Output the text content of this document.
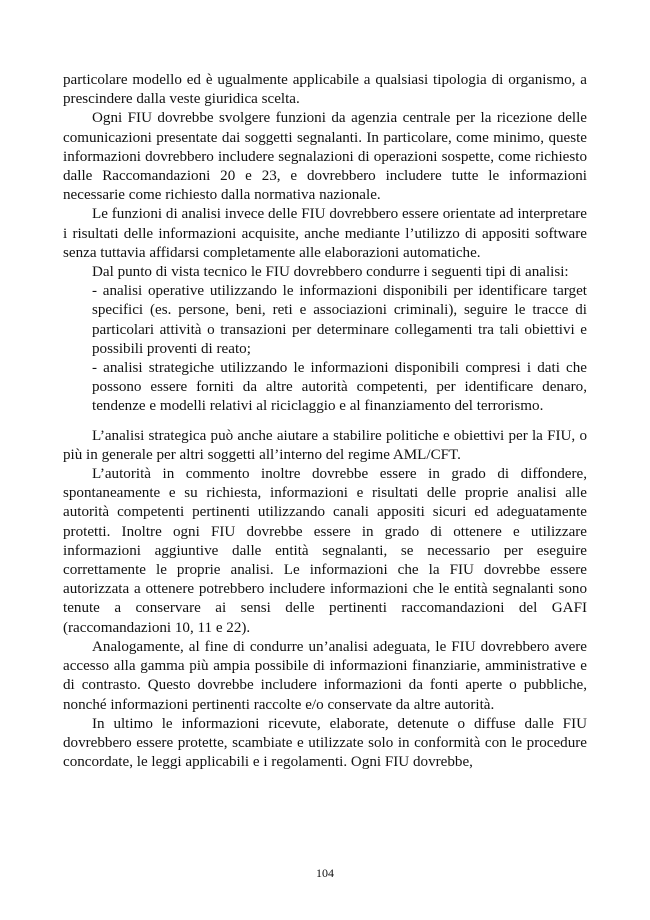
particolare modello ed è ugualmente applicabile a qualsiasi tipologia di organismo, a prescindere dalla veste giuridica scelta.

Ogni FIU dovrebbe svolgere funzioni da agenzia centrale per la ricezione delle comunicazioni presentate dai soggetti segnalanti. In particolare, come minimo, queste informazioni dovrebbero includere segnalazioni di operazioni sospette, come richiesto dalle Raccomandazioni 20 e 23, e dovrebbero includere tutte le informazioni necessarie come richiesto dalla normativa nazionale.

Le funzioni di analisi invece delle FIU dovrebbero essere orientate ad interpretare i risultati delle informazioni acquisite, anche mediante l’utilizzo di appositi software senza tuttavia affidarsi completamente alle elaborazioni automatiche.

Dal punto di vista tecnico le FIU dovrebbero condurre i seguenti tipi di analisi:

- analisi operative utilizzando le informazioni disponibili per identificare target specifici (es. persone, beni, reti e associazioni criminali), seguire le tracce di particolari attività o transazioni per determinare collegamenti tra tali obiettivi e possibili proventi di reato;
- analisi strategiche utilizzando le informazioni disponibili compresi i dati che possono essere forniti da altre autorità competenti, per identificare denaro, tendenze e modelli relativi al riciclaggio e al finanziamento del terrorismo.

L’analisi strategica può anche aiutare a stabilire politiche e obiettivi per la FIU, o più in generale per altri soggetti all’interno del regime AML/CFT.

L’autorità in commento inoltre dovrebbe essere in grado di diffondere, spontaneamente e su richiesta, informazioni e risultati delle proprie analisi alle autorità competenti pertinenti utilizzando canali appositi sicuri ed adeguatamente protetti. Inoltre ogni FIU dovrebbe essere in grado di ottenere e utilizzare informazioni aggiuntive dalle entità segnalanti, se necessario per eseguire correttamente le proprie analisi. Le informazioni che la FIU dovrebbe essere autorizzata a ottenere potrebbero includere informazioni che le entità segnalanti sono tenute a conservare ai sensi delle pertinenti raccomandazioni del GAFI (raccomandazioni 10, 11 e 22).

Analogamente, al fine di condurre un’analisi adeguata, le FIU dovrebbero avere accesso alla gamma più ampia possibile di informazioni finanziarie, amministrative e di contrasto. Questo dovrebbe includere informazioni da fonti aperte o pubbliche, nonché informazioni pertinenti raccolte e/o conservate da altre autorità.

In ultimo le informazioni ricevute, elaborate, detenute o diffuse dalle FIU dovrebbero essere protette, scambiate e utilizzate solo in conformità con le procedure concordate, le leggi applicabili e i regolamenti. Ogni FIU dovrebbe,

104
